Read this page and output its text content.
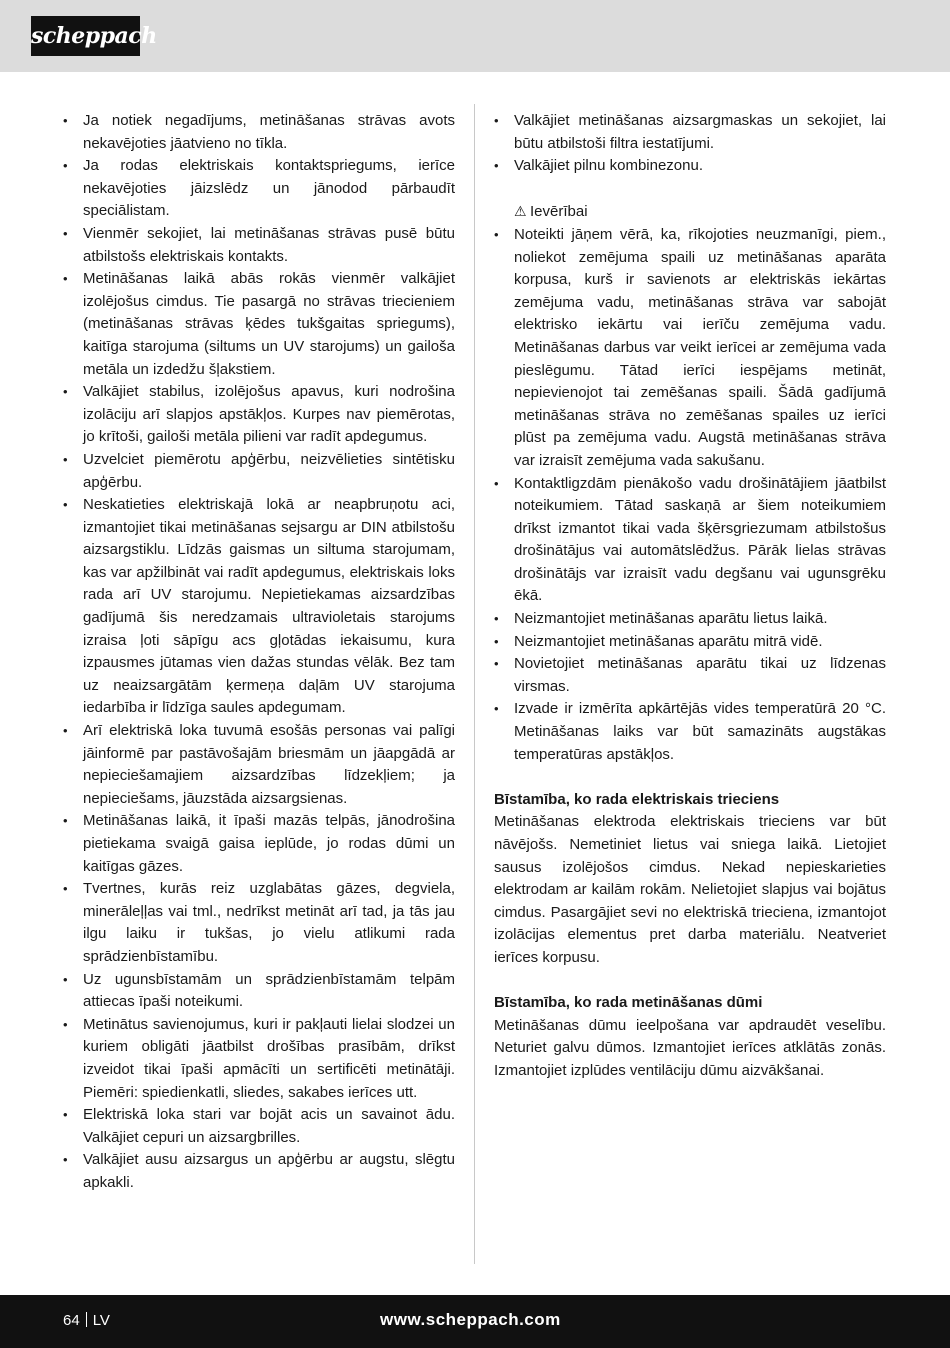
scheppach
•	Ja notiek negadījums, metināšanas strāvas avots nekavējoties jāatvieno no tīkla.
•	Ja rodas elektriskais kontaktspriegums, ierīce nekavējoties jāizslēdz un jānodod pārbaudīt speciālistam.
•	Vienmēr sekojiet, lai metināšanas strāvas pusē būtu atbilstošs elektriskais kontakts.
•	Metināšanas laikā abās rokās vienmēr valkājiet izolējošus cimdus. Tie pasargā no strāvas triecieniem (metināšanas strāvas ķēdes tukšgaitas spriegums), kaitīga starojuma (siltums un UV starojums) un gailoša metāla un izdedžu šļakstiem.
•	Valkājiet stabilus, izolējošus apavus, kuri nodrošina izolāciju arī slapjos apstākļos. Kurpes nav piemērotas, jo krītoši, gailoši metāla pilieni var radīt apdegumus.
•	Uzvelciet piemērotu apģērbu, neizvēlieties sintētisku apģērbu.
•	Neskatieties elektriskajā lokā ar neapbruņotu aci, izmantojiet tikai metināšanas sejsargu ar DIN atbilstošu aizsargstiklu. Līdzās gaismas un siltuma starojumam, kas var apžilbināt vai radīt apdegumus, elektriskais loks rada arī UV starojumu. Nepietiekamas aizsardzības gadījumā šis neredzamais ultravioletais starojums izraisa ļoti sāpīgu acs gļotādas iekaisumu, kura izpausmes jūtamas vien dažas stundas vēlāk. Bez tam uz neaizsargātām ķermeņa daļām UV starojuma iedarbība ir līdzīga saules apdegumam.
•	Arī elektriskā loka tuvumā esošās personas vai palīgi jāinformē par pastāvošajām briesmām un jāapgādā ar nepieciešamajiem aizsardzības līdzekļiem; ja nepieciešams, jāuzstāda aizsargsienas.
•	Metināšanas laikā, it īpaši mazās telpās, jānodrošina pietiekama svaigā gaisa ieplūde, jo rodas dūmi un kaitīgas gāzes.
•	Tvertnes, kurās reiz uzglabātas gāzes, degviela, minerāleļļas vai tml., nedrīkst metināt arī tad, ja tās jau ilgu laiku ir tukšas, jo vielu atlikumi rada sprādzienbīstamību.
•	Uz ugunsbīstamām un sprādzienbīstamām telpām attiecas īpaši noteikumi.
•	Metinātus savienojumus, kuri ir pakļauti lielai slodzei un kuriem obligāti jāatbilst drošības prasībām, drīkst izveidot tikai īpaši apmācīti un sertificēti metinātāji. Piemēri: spiedienkatli, sliedes, sakabes ierīces utt.
•	Elektriskā loka stari var bojāt acis un savainot ādu. Valkājiet cepuri un aizsargbrilles.
•	Valkājiet ausu aizsargus un apģērbu ar augstu, slēgtu apkakli.
•	Valkājiet metināšanas aizsargmaskas un sekojiet, lai būtu atbilstoši filtra iestatījumi.
•	Valkājiet pilnu kombinezonu.
⚠ Ievērībai
•	Noteikti jāņem vērā, ka, rīkojoties neuzmanīgi, piem., noliekot zemējuma spaili uz metināšanas aparāta korpusa, kurš ir savienots ar elektriskās iekārtas zemējuma vadu, metināšanas strāva var sabojāt elektrisko iekārtu vai ierīču zemējuma vadu. Metināšanas darbus var veikt ierīcei ar zemējuma vada pieslēgumu. Tātad ierīci iespējams metināt, nepievienojot tai zemēšanas spaili. Šādā gadījumā metināšanas strāva no zemēšanas spailes uz ierīci plūst pa zemējuma vadu. Augstā metināšanas strāva var izraisīt zemējuma vada sakušanu.
•	Kontaktligzdām pienākošo vadu drošinātājiem jāatbilst noteikumiem. Tātad saskaņā ar šiem noteikumiem drīkst izmantot tikai vada šķērsgriezumam atbilstošus drošinātājus vai automātslēdžus. Pārāk lielas strāvas drošinātājs var izraisīt vadu degšanu vai ugunsgrēku ēkā.
•	Neizmantojiet metināšanas aparātu lietus laikā.
•	Neizmantojiet metināšanas aparātu mitrā vidē.
•	Novietojiet metināšanas aparātu tikai uz līdzenas virsmas.
•	Izvade ir izmērīta apkārtējās vides temperatūrā 20 °C. Metināšanas laiks var būt samazināts augstākas temperatūras apstākļos.
Bīstamība, ko rada elektriskais trieciens

Metināšanas elektroda elektriskais trieciens var būt nāvējošs. Nemetiniet lietus vai sniega laikā. Lietojiet sausus izolējošos cimdus. Nekad nepieskarieties elektrodam ar kailām rokām. Nelietojiet slapjus vai bojātus cimdus. Pasargājiet sevi no elektriskā trieciena, izmantojot izolācijas elementus pret darba materiālu. Neatveriet ierīces korpusu.

Bīstamība, ko rada metināšanas dūmi

Metināšanas dūmu ieelpošana var apdraudēt veselību. Neturiet galvu dūmos. Izmantojiet ierīces atklātās zonās. Izmantojiet izplūdes ventilāciju dūmu aizvākšanai.

64 LV	www.scheppach.com
